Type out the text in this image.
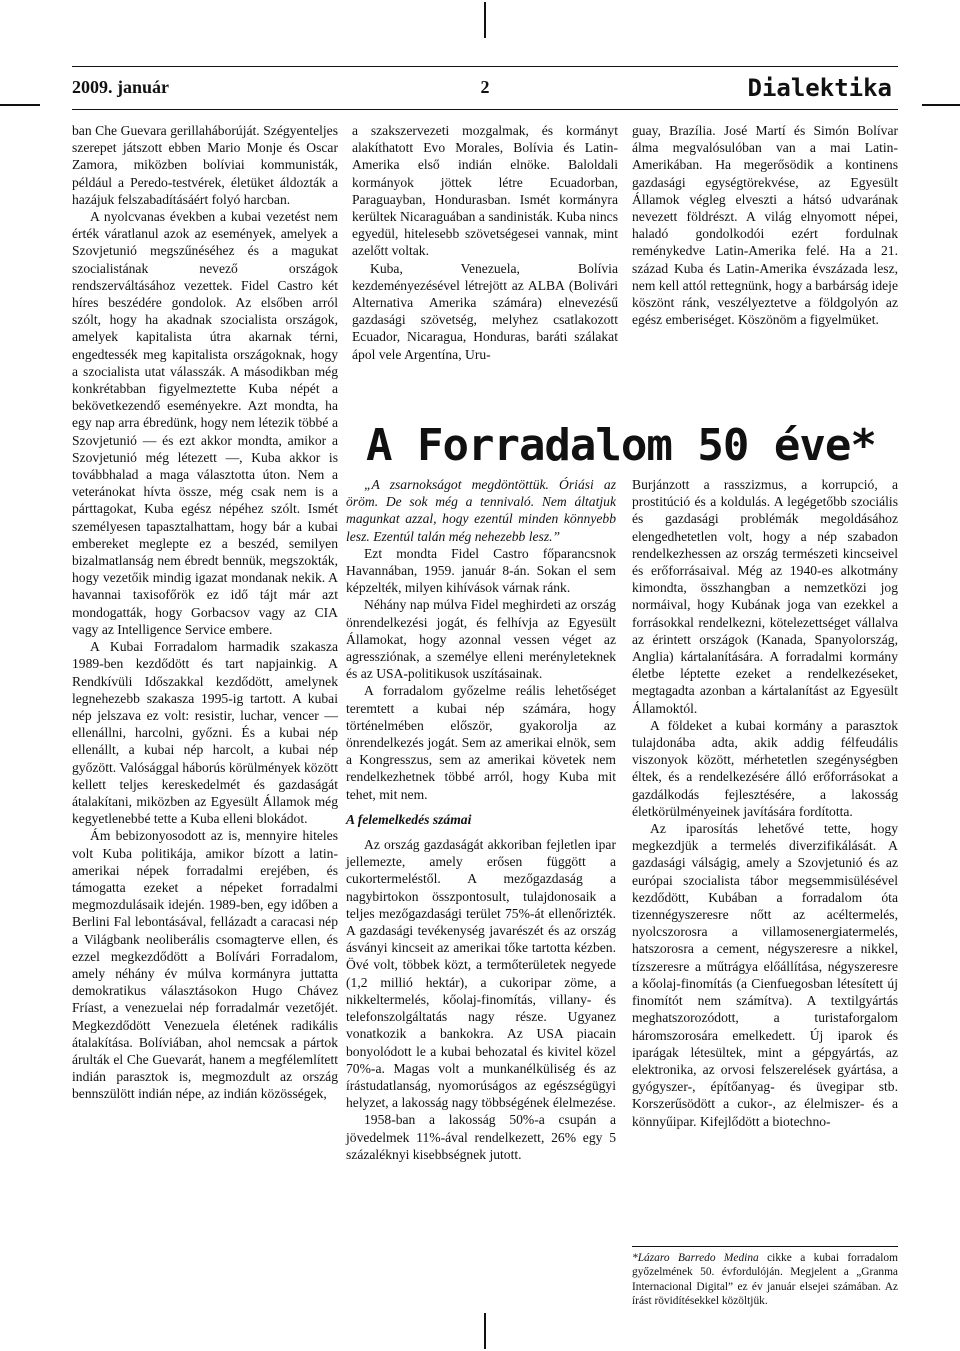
2009. január	2	Dialektika

ban Che Guevara gerillaháborúját. Szégyenteljes szerepet játszott ebben Mario Monje és Oscar Zamora, miközben bolíviai kommunisták, például a Peredo-testvérek, életüket áldozták a hazájuk felszabadításáért folyó harcban.

A nyolcvanas években a kubai vezetést nem érték váratlanul azok az események, amelyek a Szovjetunió megszűnéséhez és a magukat szocialistának nevező országok rendszerváltásához vezettek. Fidel Castro két híres beszédére gondolok. Az elsőben arról szólt, hogy ha akadnak szocialista országok, amelyek kapitalista útra akarnak térni, engedtessék meg kapitalista országoknak, hogy a szocialista utat válasszák. A másodikban még konkrétabban figyelmeztette Kuba népét a bekövetkezendő eseményekre. Azt mondta, ha egy nap arra ébredünk, hogy nem létezik többé a Szovjetunió — és ezt akkor mondta, amikor a Szovjetunió még létezett —, Kuba akkor is továbbhalad a maga választotta úton. Nem a veteránokat hívta össze, még csak nem is a párttagokat, Kuba egész népéhez szólt. Ismét személyesen tapasztalhattam, hogy bár a kubai embereket meglepte ez a beszéd, semilyen bizalmatlanság nem ébredt bennük, megszokták, hogy vezetőik mindig igazat mondanak nekik. A havannai taxisofőrök ez idő tájt már azt mondogatták, hogy Gorbacsov vagy az CIA vagy az Intelligence Service embere.

A Kubai Forradalom harmadik szakasza 1989-ben kezdődött és tart napjainkig. A Rendkívüli Időszakkal kezdődött, amelynek legnehezebb szakasza 1995-ig tartott. A kubai nép jelszava ez volt: resistir, luchar, vencer — ellenállni, harcolni, győzni. És a kubai nép ellenállt, a kubai nép harcolt, a kubai nép győzött. Valósággal háborús körülmények között kellett teljes kereskedelmét és gazdaságát átalakítani, miközben az Egyesült Államok még kegyetlenebbé tette a Kuba elleni blokádot.

Ám bebizonyosodott az is, mennyire hiteles volt Kuba politikája, amikor bízott a latin-amerikai népek forradalmi erejében, és támogatta ezeket a népeket forradalmi megmozdulásaik idején. 1989-ben, egy időben a Berlini Fal lebontásával, fellázadt a caracasi nép a Világbank neoliberális csomagterve ellen, és ezzel megkezdődött a Bolívári Forradalom, amely néhány év múlva kormányra juttatta demokratikus választásokon Hugo Chávez Fríast, a venezuelai nép forradalmár vezetőjét. Megkezdődött Venezuela életének radikális átalakítása. Bolíviában, ahol nemcsak a pártok árulták el Che Guevarát, hanem a megfélemlített indián parasztok is, megmozdult az ország bennszülött indián népe, az indián közösségek,

a szakszervezeti mozgalmak, és kormányt alakíthatott Evo Morales, Bolívia és Latin-Amerika első indián elnöke. Baloldali kormányok jöttek létre Ecuadorban, Paraguayban, Hondurasban. Ismét kormányra kerültek Nicaraguában a sandinisták. Kuba nincs egyedül, hitelesebb szövetségesei vannak, mint azelőtt voltak.

Kuba, Venezuela, Bolívia kezdeményezésével létrejött az ALBA (Bolivári Alternativa Amerika számára) elnevezésű gazdasági szövetség, melyhez csatlakozott Ecuador, Nicaragua, Honduras, baráti szálakat ápol vele Argentína, Uru-

guay, Brazília. José Martí és Simón Bolívar álma megvalósulóban van a mai Latin-Amerikában. Ha megerősödik a kontinens gazdasági egységtörekvése, az Egyesült Államok végleg elveszti a hátsó udvarának nevezett földrészt. A világ elnyomott népei, haladó gondolkodói ezért fordulnak reménykedve Latin-Amerika felé. Ha a 21. század Kuba és Latin-Amerika évszázada lesz, nem kell attól rettegnünk, hogy a barbárság ideje köszönt ránk, veszélyeztetve a földgolyón az egész emberiséget. Köszönöm a figyelmüket.

A Forradalom 50 éve*

„A zsarnokságot megdöntöttük. Óriási az öröm. De sok még a tennivaló. Nem áltatjuk magunkat azzal, hogy ezentúl minden könnyebb lesz. Ezentúl talán még nehezebb lesz.”

Ezt mondta Fidel Castro főparancsnok Havannában, 1959. január 8-án. Sokan el sem képzelték, milyen kihívások várnak ránk.

Néhány nap múlva Fidel meghirdeti az ország önrendelkezési jogát, és felhívja az Egyesült Államokat, hogy azonnal vessen véget az agressziónak, a személye elleni merényleteknek és az USA-politikusok uszításainak.

A forradalom győzelme reális lehetőséget teremtett a kubai nép számára, hogy történelmében először, gyakorolja az önrendelkezés jogát. Sem az amerikai elnök, sem a Kongresszus, sem az amerikai követek nem rendelkezhetnek többé arról, hogy Kuba mit tehet, mit nem.

A felemelkedés számai

Az ország gazdaságát akkoriban fejletlen ipar jellemezte, amely erősen függött a cukortermeléstől. A mezőgazdaság a nagybirtokon összpontosult, tulajdonosaik a teljes mezőgazdasági terület 75%-át ellenőrizték. A gazdasági tevékenység javarészét és az ország ásványi kincseit az amerikai tőke tartotta kézben. Övé volt, többek közt, a termőterületek negyede (1,2 millió hektár), a cukoripar zöme, a nikkeltermelés, kőolaj-finomítás, villany- és telefonszolgáltatás nagy része. Ugyanez vonatkozik a bankokra. Az USA piacain bonyolódott le a kubai behozatal és kivitel közel 70%-a. Magas volt a munkanélküliség és az írástudatlanság, nyomorúságos az egészségügyi helyzet, a lakosság nagy többségének élelmezése.

1958-ban a lakosság 50%-a csupán a jövedelmek 11%-ával rendelkezett, 26% egy 5 százaléknyi kisebbségnek jutott.

Burjánzott a rasszizmus, a korrupció, a prostitúció és a koldulás. A legégetőbb szociális és gazdasági problémák megoldásához elengedhetetlen volt, hogy a nép szabadon rendelkezhessen az ország természeti kincseivel és erőforrásaival. Még az 1940-es alkotmány kimondta, összhangban a nemzetközi jog normáival, hogy Kubának joga van ezekkel a forrásokkal rendelkezni, kötelezettséget vállalva az érintett országok (Kanada, Spanyolország, Anglia) kártalanítására. A forradalmi kormány életbe léptette ezeket a rendelkezéseket, megtagadta azonban a kártalanítást az Egyesült Államoktól.

A földeket a kubai kormány a parasztok tulajdonába adta, akik addig félfeudális viszonyok között, mérhetetlen szegénységben éltek, és a rendelkezésére álló erőforrásokat a gazdálkodás fejlesztésére, a lakosság életkörülményeinek javítására fordította.

Az iparosítás lehetővé tette, hogy megkezdjük a termelés diverzifikálását. A gazdasági válságig, amely a Szovjetunió és az európai szocialista tábor megsemmisülésével kezdődött, Kubában a forradalom óta tizennégyszeresre nőtt az acéltermelés, nyolcszorosra a villamosenergiatermelés, hatszorosra a cement, négyszeresre a nikkel, tízszeresre a műtrágya előállítása, négyszeresre a kőolaj-finomítás (a Cienfuegosban létesített új finomítót nem számítva). A textilgyártás meghatszorozódott, a turistaforgalom háromszorosára emelkedett. Új iparok és iparágak létesültek, mint a gépgyártás, az elektronika, az orvosi felszerelések gyártása, a gyógyszer-, építőanyag- és üvegipar stb. Korszerűsödött a cukor-, az élelmiszer- és a könnyűipar. Kifejlődött a biotechno-

*Lázaro Barredo Medina cikke a kubai forradalom győzelmének 50. évfordulóján. Megjelent a „Granma Internacional Digital” ez év január elsejei számában. Az írást rövidítésekkel közöltjük.
